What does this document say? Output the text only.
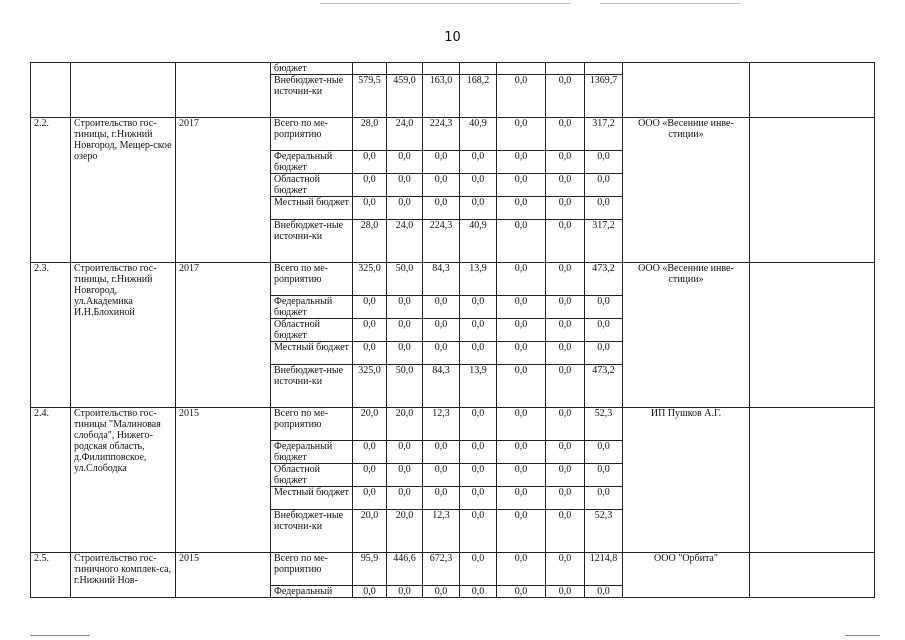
10
			бюджет									
			Внебюджет-ные источни-ки	579,5	459,0	163,0	168,2	0,0	0,0	1369,7		
2.2.	Строительство гос-тиницы, г.Нижний Новгород, Мещер-ское озеро	2017	Всего по ме-роприятию	28,0	24,0	224,3	40,9	0,0	0,0	317,2	ООО «Весенние инве-стиции»	
			Федеральный бюджет	0,0	0,0	0,0	0,0	0,0	0,0	0,0		
			Областной бюджет	0,0	0,0	0,0	0,0	0,0	0,0	0,0		
			Местный бюджет	0,0	0,0	0,0	0,0	0,0	0,0	0,0		
			Внебюджет-ные источни-ки	28,0	24,0	224,3	40,9	0,0	0,0	317,2		
2.3.	Строительство гос-тиницы, г.Нижний Новгород, ул.Академика И.Н.Блохиной	2017	Всего по ме-роприятию	325,0	50,0	84,3	13,9	0,0	0,0	473,2	ООО «Весенние инве-стиции»	
			Федеральный бюджет	0,0	0,0	0,0	0,0	0,0	0,0	0,0		
			Областной бюджет	0,0	0,0	0,0	0,0	0,0	0,0	0,0		
			Местный бюджет	0,0	0,0	0,0	0,0	0,0	0,0	0,0		
			Внебюджет-ные источни-ки	325,0	50,0	84,3	13,9	0,0	0,0	473,2		
2.4.	Строительство гос-тиницы "Малиновая слобода", Нижего-родская область, д.Филипповское, ул.Слободка	2015	Всего по ме-роприятию	20,0	20,0	12,3	0,0	0,0	0,0	52,3	ИП Пушков А.Г.	
			Федеральный бюджет	0,0	0,0	0,0	0,0	0,0	0,0	0,0		
			Областной бюджет	0,0	0,0	0,0	0,0	0,0	0,0	0,0		
			Местный бюджет	0,0	0,0	0,0	0,0	0,0	0,0	0,0		
			Внебюджет-ные источни-ки	20,0	20,0	12,3	0,0	0,0	0,0	52,3		
2.5.	Строительство гос-тиничного комплек-са, г.Нижний Нов-	2015	Всего по ме-роприятию	95,9	446,6	672,3	0,0	0,0	0,0	1214,8	ООО "Орбита"	
			Федеральный	0,0	0,0	0,0	0,0	0,0	0,0	0,0		
